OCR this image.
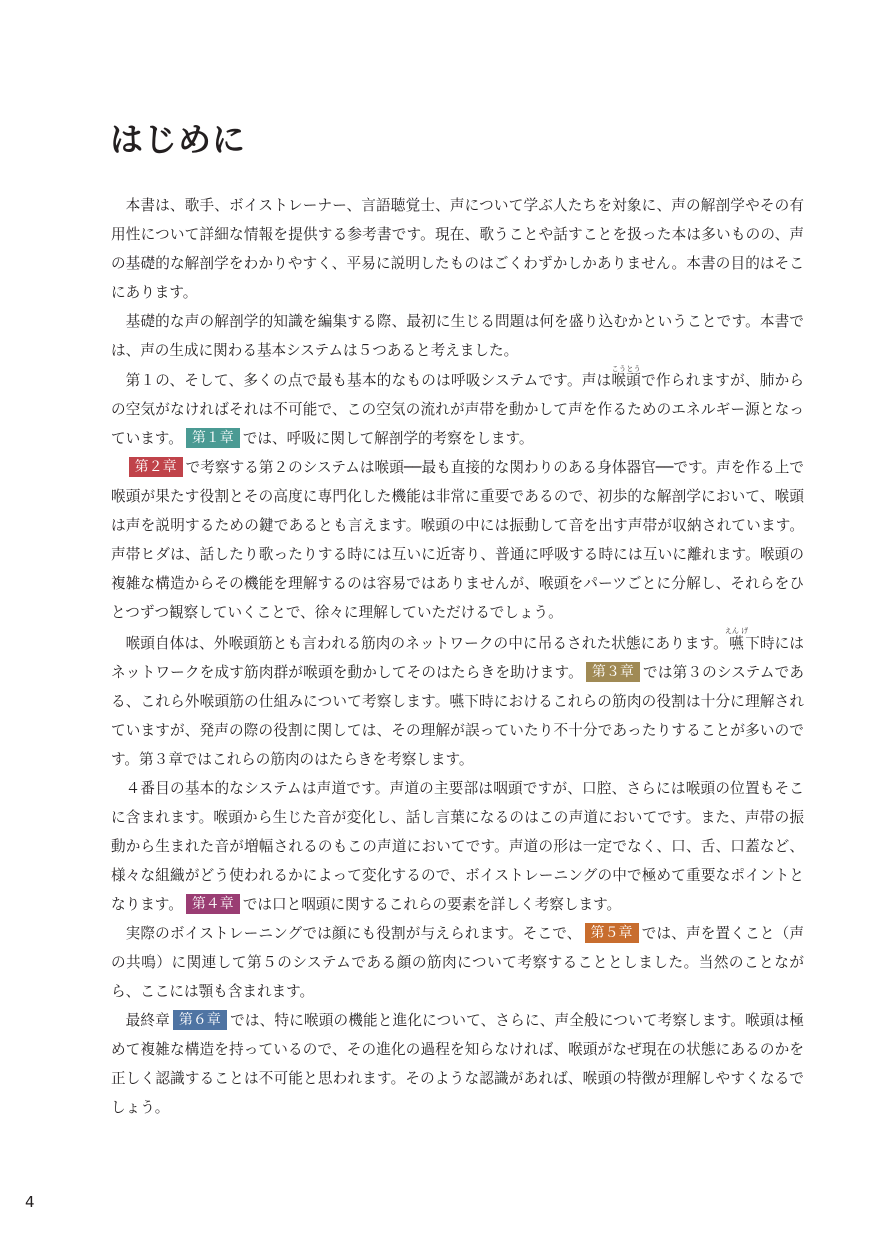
はじめに

本書は、歌手、ボイストレーナー、言語聴覚士、声について学ぶ人たちを対象に、声の解剖学やその有用性について詳細な情報を提供する参考書です。現在、歌うことや話すことを扱った本は多いものの、声の基礎的な解剖学をわかりやすく、平易に説明したものはごくわずかしかありません。本書の目的はそこにあります。

基礎的な声の解剖学的知識を編集する際、最初に生じる問題は何を盛り込むかということです。本書では、声の生成に関わる基本システムは５つあると考えました。

第１の、そして、多くの点で最も基本的なものは呼吸システムです。声は喉頭こうとうで作られますが、肺からの空気がなければそれは不可能で、この空気の流れが声帯を動かして声を作るためのエネルギー源となっています。 第１章 では、呼吸に関して解剖学的考察をします。

第２章 で考察する第２のシステムは喉頭──最も直接的な関わりのある身体器官──です。声を作る上で喉頭が果たす役割とその高度に専門化した機能は非常に重要であるので、初歩的な解剖学において、喉頭は声を説明するための鍵であるとも言えます。喉頭の中には振動して音を出す声帯が収納されています。声帯ヒダは、話したり歌ったりする時には互いに近寄り、普通に呼吸する時には互いに離れます。喉頭の複雑な構造からその機能を理解するのは容易ではありませんが、喉頭をパーツごとに分解し、それらをひとつずつ観察していくことで、徐々に理解していただけるでしょう。

喉頭自体は、外喉頭筋とも言われる筋肉のネットワークの中に吊るされた状態にあります。嚥えん げ下時にはネットワークを成す筋肉群が喉頭を動かしてそのはたらきを助けます。 第３章 では第３のシステムである、これら外喉頭筋の仕組みについて考察します。嚥下時におけるこれらの筋肉の役割は十分に理解されていますが、発声の際の役割に関しては、その理解が誤っていたり不十分であったりすることが多いのです。第３章ではこれらの筋肉のはたらきを考察します。

４番目の基本的なシステムは声道です。声道の主要部は咽頭ですが、口腔、さらには喉頭の位置もそこに含まれます。喉頭から生じた音が変化し、話し言葉になるのはこの声道においてです。また、声帯の振動から生まれた音が増幅されるのもこの声道においてです。声道の形は一定でなく、口、舌、口蓋など、様々な組織がどう使われるかによって変化するので、ボイストレーニングの中で極めて重要なポイントとなります。 第４章 では口と咽頭に関するこれらの要素を詳しく考察します。

実際のボイストレーニングでは顔にも役割が与えられます。そこで、 第５章 では、声を置くこと（声の共鳴）に関連して第５のシステムである顔の筋肉について考察することとしました。当然のことながら、ここには顎も含まれます。

最終章 第６章 では、特に喉頭の機能と進化について、さらに、声全般について考察します。喉頭は極めて複雑な構造を持っているので、その進化の過程を知らなければ、喉頭がなぜ現在の状態にあるのかを正しく認識することは不可能と思われます。そのような認識があれば、喉頭の特徴が理解しやすくなるでしょう。

4
